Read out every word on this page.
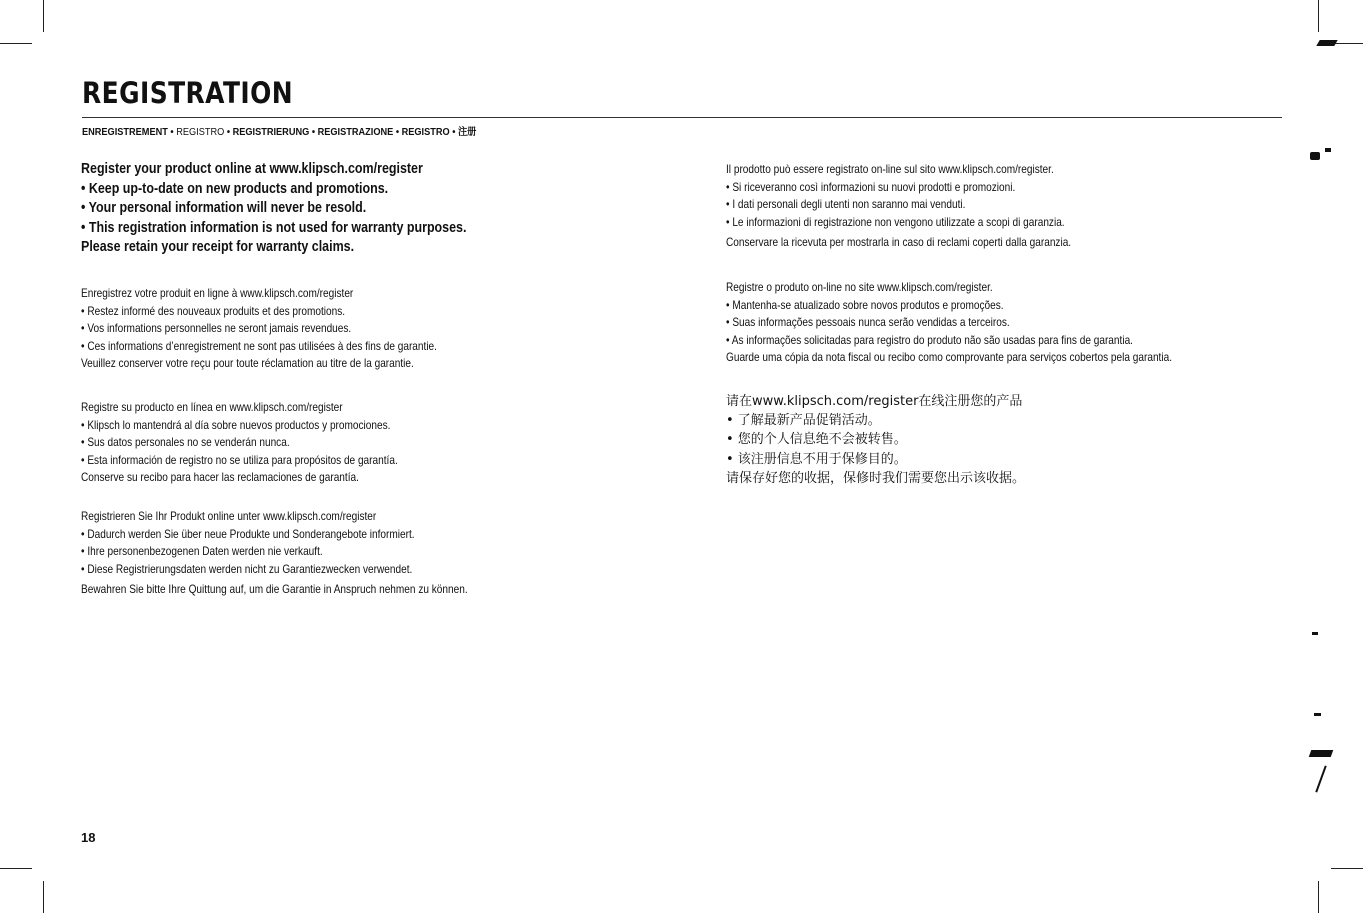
REGISTRATION
ENREGISTREMENT • REGISTRO • REGISTRIERUNG • REGISTRAZIONE • REGISTRO • 注册
Register your product online at www.klipsch.com/register
• Keep up-to-date on new products and promotions.
• Your personal information will never be resold.
• This registration information is not used for warranty purposes.
Please retain your receipt for warranty claims.
Enregistrez votre produit en ligne à www.klipsch.com/register
• Restez informé des nouveaux produits et des promotions.
• Vos informations personnelles ne seront jamais revendues.
• Ces informations d’enregistrement ne sont pas utilisées à des fins de garantie.
Veuillez conserver votre reçu pour toute réclamation au titre de la garantie.
Registre su producto en línea en www.klipsch.com/register
• Klipsch lo mantendrá al día sobre nuevos productos y promociones.
• Sus datos personales no se venderán nunca.
• Esta información de registro no se utiliza para propósitos de garantía.
Conserve su recibo para hacer las reclamaciones de garantía.
Registrieren Sie Ihr Produkt online unter www.klipsch.com/register
• Dadurch werden Sie über neue Produkte und Sonderangebote informiert.
• Ihre personenbezogenen Daten werden nie verkauft.
• Diese Registrierungsdaten werden nicht zu Garantiezwecken verwendet.
Bewahren Sie bitte Ihre Quittung auf, um die Garantie in Anspruch nehmen zu können.
Il prodotto può essere registrato on-line sul sito www.klipsch.com/register.
• Si riceveranno così informazioni su nuovi prodotti e promozioni.
• I dati personali degli utenti non saranno mai venduti.
• Le informazioni di registrazione non vengono utilizzate a scopi di garanzia.
Conservare la ricevuta per mostrarla in caso di reclami coperti dalla garanzia.
Registre o produto on-line no site www.klipsch.com/register.
• Mantenha-se atualizado sobre novos produtos e promoções.
• Suas informações pessoais nunca serão vendidas a terceiros.
• As informações solicitadas para registro do produto não são usadas para fins de garantia.
Guarde uma cópia da nota fiscal ou recibo como comprovante para serviços cobertos pela garantia.
请在www.klipsch.com/register在线注册您的产品
• 了解最新产品促销活动。
• 您的个人信息绝不会被转售。
• 该注册信息不用于保修目的。
请保存好您的收据，保修时我们需要您出示该收据。
18
